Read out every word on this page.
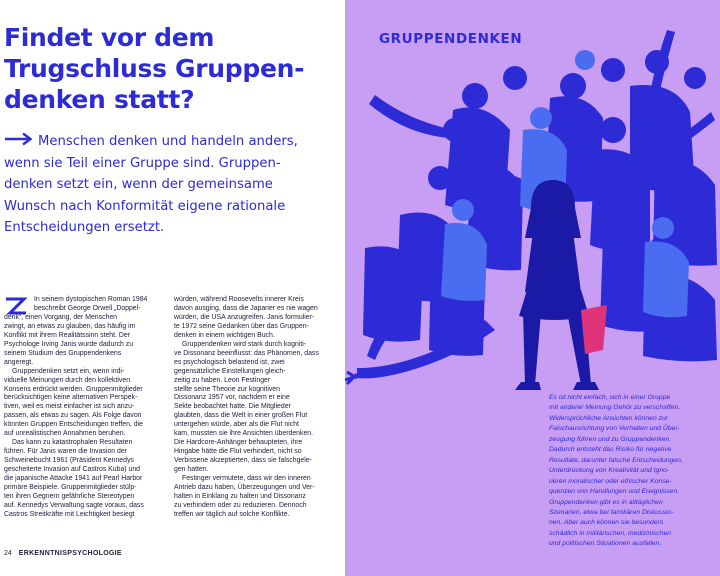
Findet vor dem
Trugschluss Gruppen-
denken statt?

Menschen denken und handeln anders,
wenn sie Teil einer Gruppe sind. Gruppen-
denken setzt ein, wenn der gemeinsame
Wunsch nach Konformität eigene rationale
Entscheidungen ersetzt.

In seinem dystopischen Roman 1984
beschreibt George Orwell „Doppel-
denk“, einen Vorgang, der Menschen
zwingt, an etwas zu glauben, das häufig im
Konflikt mit ihrem Realitätssinn steht. Der
Psychologe Irving Janis wurde dadurch zu
seinem Studium des Gruppendenkens
angeregt.
Gruppendenken setzt ein, wenn indi-
viduelle Meinungen durch den kollektiven
Konsens erdrückt werden. Gruppenmitglieder
berücksichtigen keine alternativen Perspek-
tiven, weil es meist einfacher ist sich anzu-
passen, als etwas zu sagen. Als Folge davon
könnten Gruppen Entscheidungen treffen, die
auf unrealistischen Annahmen beruhen.
Das kann zu katastrophalen Resultaten
führen. Für Janis waren die Invasion der
Schweinebucht 1961 (Präsident Kennedys
gescheiterte Invasion auf Castros Kuba) und
die japanische Attacke 1941 auf Pearl Harbor
primäre Beispiele. Gruppenmitglieder stülp-
ten ihren Gegnern gefährliche Stereotypen
auf. Kennedys Verwaltung sagte voraus, dass
Castros Streitkräfte mit Leichtigkeit besiegt
würden, während Roosevelts innerer Kreis
davon ausging, dass die Japaner es nie wagen
würden, die USA anzugreifen. Janis formulier-
te 1972 seine Gedanken über das Gruppen-
denken in einem wichtigen Buch.
Gruppendenken wird stark durch kogniti-
ve Dissonanz beeinflusst: das Phänomen, dass
es psychologisch belastend ist, zwei
gegensätzliche Einstellungen gleich-
zeitig zu haben. Leon Festinger
stellte seine Theorie zur kognitiven
Dissonanz 1957 vor, nachdem er eine
Sekte beobachtet hatte. Die Mitglieder
glaubten, dass die Welt in einer großen Flut
untergehen würde, aber als die Flut nicht
kam, mussten sie ihre Ansichten überdenken.
Die Hardcore-Anhänger behaupteten, ihre
Hingabe hätte die Flut verhindert, nicht so
Verbissene akzeptierten, dass sie falschgele-
gen hatten.
Festinger vermutete, dass wir den inneren
Antrieb dazu haben, Überzeugungen und Ver-
halten in Einklang zu halten und Dissonanz
zu verhindern oder zu reduzieren. Dennoch
treffen wir täglich auf solche Konflikte.
24 ERKENNTNISPSYCHOLOGIE
GRUPPENDENKEN

Es ist nicht einfach, sich in einer Gruppe
mit anderer Meinung Gehör zu verschaffen.
Widersprüchliche Ansichten können zur
Falschausrichtung von Verhalten und Über-
zeugung führen und zu Gruppendenken.
Dadurch entsteht das Risiko für negative
Resultate, darunter falsche Entscheidungen,
Unterdrückung von Kreativität und Igno-
rieren moralischer oder ethischer Konse-
quenzen von Handlungen und Ereignissen.
Gruppendenken gibt es in alltäglichen
Szenarien, etwa bei familiären Diskussio-
nen. Aber auch können sie besonders
schädlich in militärischen, medizinischen
und politischen Situationen ausfallen.
